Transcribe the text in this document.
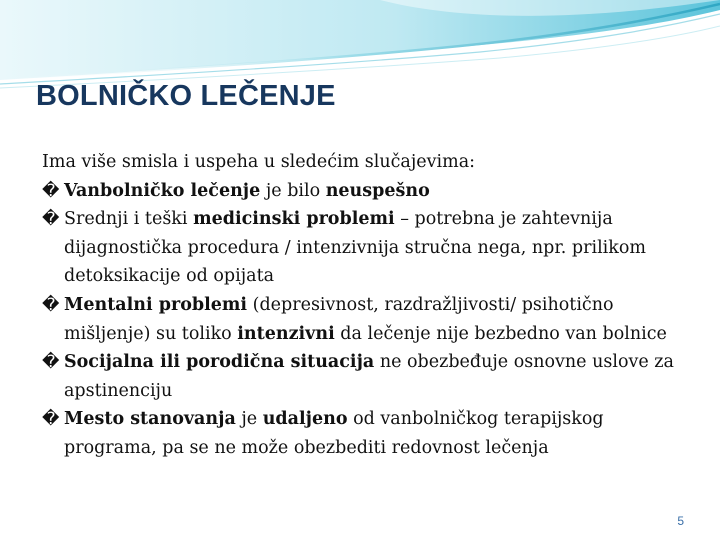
BOLNIČKO LEČENJE

Ima više smisla i uspeha u sledećim slučajevima:

� Vanbolničko lečenje je bilo neuspešno

� Srednji i teški medicinski problemi – potrebna je zahtevnija dijagnostička procedura / intenzivnija stručna nega, npr. prilikom detoksikacije od opijata

� Mentalni problemi (depresivnost, razdražljivosti/ psihotično mišljenje) su toliko intenzivni da lečenje nije bezbedno van bolnice

� Socijalna ili porodična situacija ne obezbeđuje osnovne uslove za apstinenciju

� Mesto stanovanja je udaljeno od vanbolničkog terapijskog programa, pa se ne može obezbediti redovnost lečenja

5
